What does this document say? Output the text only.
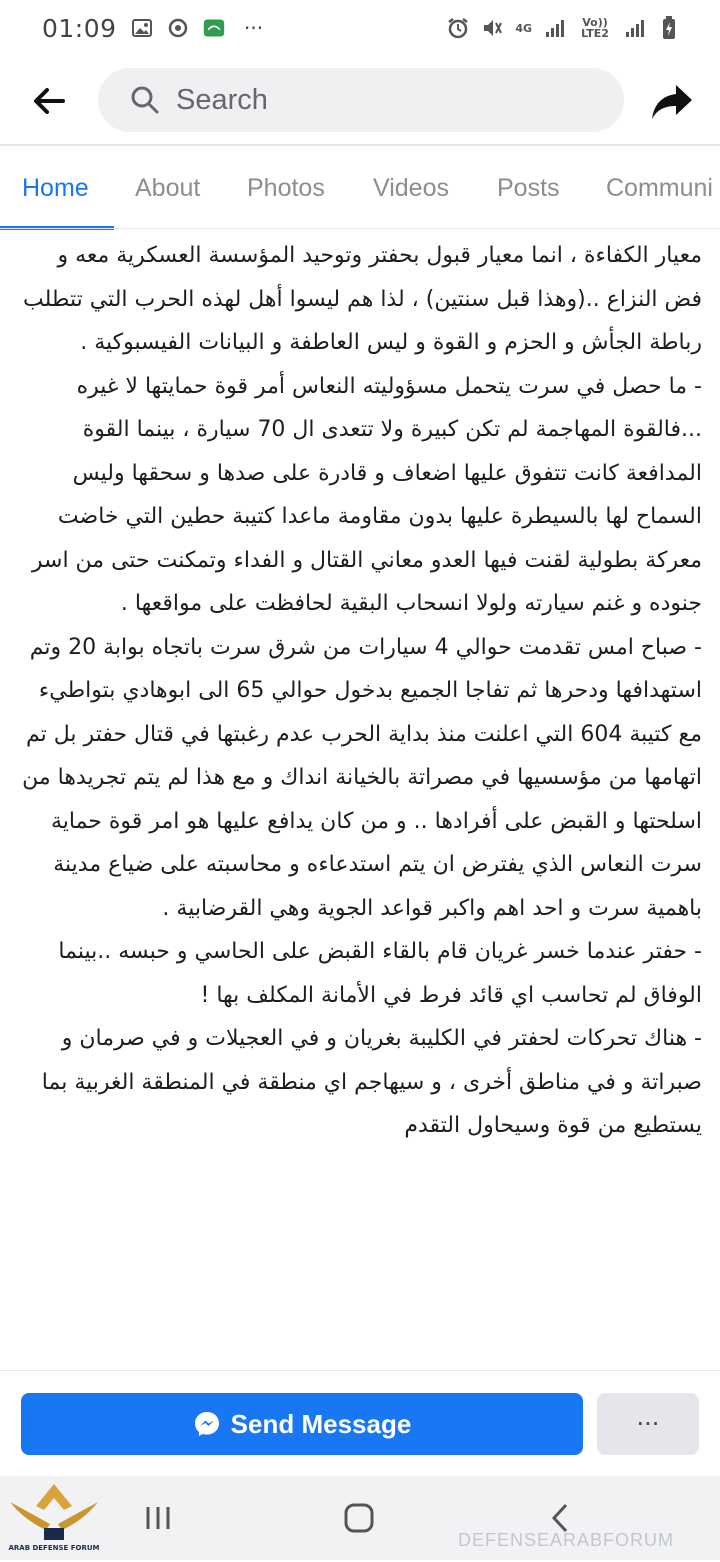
01:09	···	4G	Vo)) LTE2
Search
Home About Photos Videos Posts Communi

معيار الكفاءة ، انما معيار قبول بحفتر وتوحيد المؤسسة العسكرية معه و فض النزاع ..(وهذا قبل سنتين) ، لذا هم ليسوا أهل لهذه الحرب التي تتطلب رباطة الجأش و الحزم و القوة و ليس العاطفة و البيانات الفيسبوكية .

- ما حصل في سرت يتحمل مسؤوليته النعاس أمر قوة حمايتها لا غيره ...فالقوة المهاجمة لم تكن كبيرة ولا تتعدى ال 70 سيارة ، بينما القوة المدافعة كانت تتفوق عليها اضعاف و قادرة على صدها و سحقها وليس السماح لها بالسيطرة عليها بدون مقاومة ماعدا كتيبة حطين التي خاضت معركة بطولية لقنت فيها العدو معاني القتال و الفداء وتمكنت حتى من اسر جنوده و غنم سيارته ولولا انسحاب البقية لحافظت على مواقعها .

- صباح امس تقدمت حوالي 4 سيارات من شرق سرت باتجاه بوابة 20 وتم استهدافها ودحرها ثم تفاجا الجميع بدخول حوالي 65 الى ابوهادي بتواطيء مع كتيبة 604 التي اعلنت منذ بداية الحرب عدم رغبتها في قتال حفتر بل تم اتهامها من مؤسسيها في مصراتة بالخيانة انداك و مع هذا لم يتم تجريدها من اسلحتها و القبض على أفرادها .. و من كان يدافع عليها هو امر قوة حماية سرت النعاس الذي يفترض ان يتم استدعاءه و محاسبته على ضياع مدينة باهمية سرت و احد اهم واكبر قواعد الجوية وهي القرضابية .

- حفتر عندما خسر غريان قام بالقاء القبض على الحاسي و حبسه ..بينما الوفاق لم تحاسب اي قائد فرط في الأمانة المكلف بها !

- هناك تحركات لحفتر في الكليبة بغريان و في العجيلات و في صرمان و صبراتة و في مناطق أخرى ، و سيهاجم اي منطقة في المنطقة الغربية بما يستطيع من قوة وسيحاول التقدم

Send Message	···
ARAB DEFENSE FORUM	DEFENSEARABFORUM
